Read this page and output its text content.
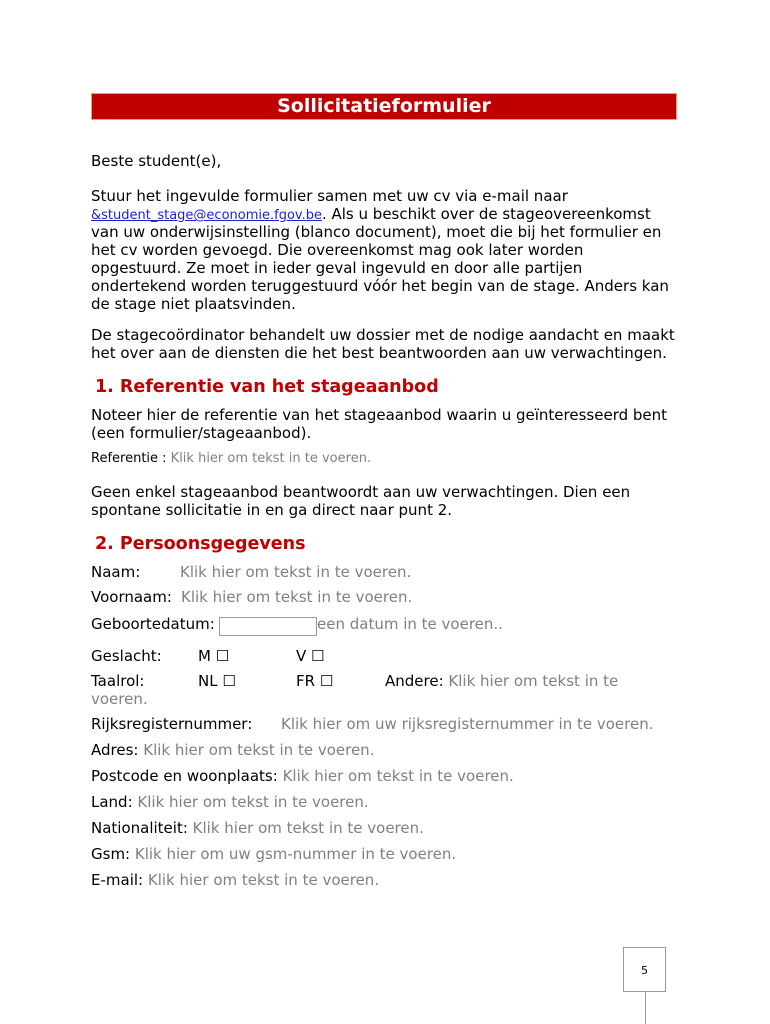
Sollicitatieformulier
Beste student(e),
Stuur het ingevulde formulier samen met uw cv via e-mail naar
&student_stage@economie.fgov.be. Als u beschikt over de stageovereenkomst
van uw onderwijsinstelling (blanco document), moet die bij het formulier en
het cv worden gevoegd. Die overeenkomst mag ook later worden
opgestuurd. Ze moet in ieder geval ingevuld en door alle partijen
ondertekend worden teruggestuurd vóór het begin van de stage. Anders kan
de stage niet plaatsvinden.
De stagecoördinator behandelt uw dossier met de nodige aandacht en maakt
het over aan de diensten die het best beantwoorden aan uw verwachtingen.
1. Referentie van het stageaanbod
Noteer hier de referentie van het stageaanbod waarin u geïnteresseerd bent
(een formulier/stageaanbod).
Referentie : Klik hier om tekst in te voeren.
Geen enkel stageaanbod beantwoordt aan uw verwachtingen. Dien een
spontane sollicitatie in en ga direct naar punt 2.
2. Persoonsgegevens
Naam:	Klik hier om tekst in te voeren.
Voornaam: Klik hier om tekst in te voeren.
Geboortedatum:	een datum in te voeren..
Geslacht: M ☐	V ☐
Taalrol:	NL ☐	FR ☐	Andere: Klik hier om tekst in te
voeren.
Rijksregisternummer: Klik hier om uw rijksregisternummer in te voeren.
Adres: Klik hier om tekst in te voeren.
Postcode en woonplaats: Klik hier om tekst in te voeren.
Land: Klik hier om tekst in te voeren.
Nationaliteit: Klik hier om tekst in te voeren.
Gsm: Klik hier om uw gsm-nummer in te voeren.
E-mail: Klik hier om tekst in te voeren.
5
